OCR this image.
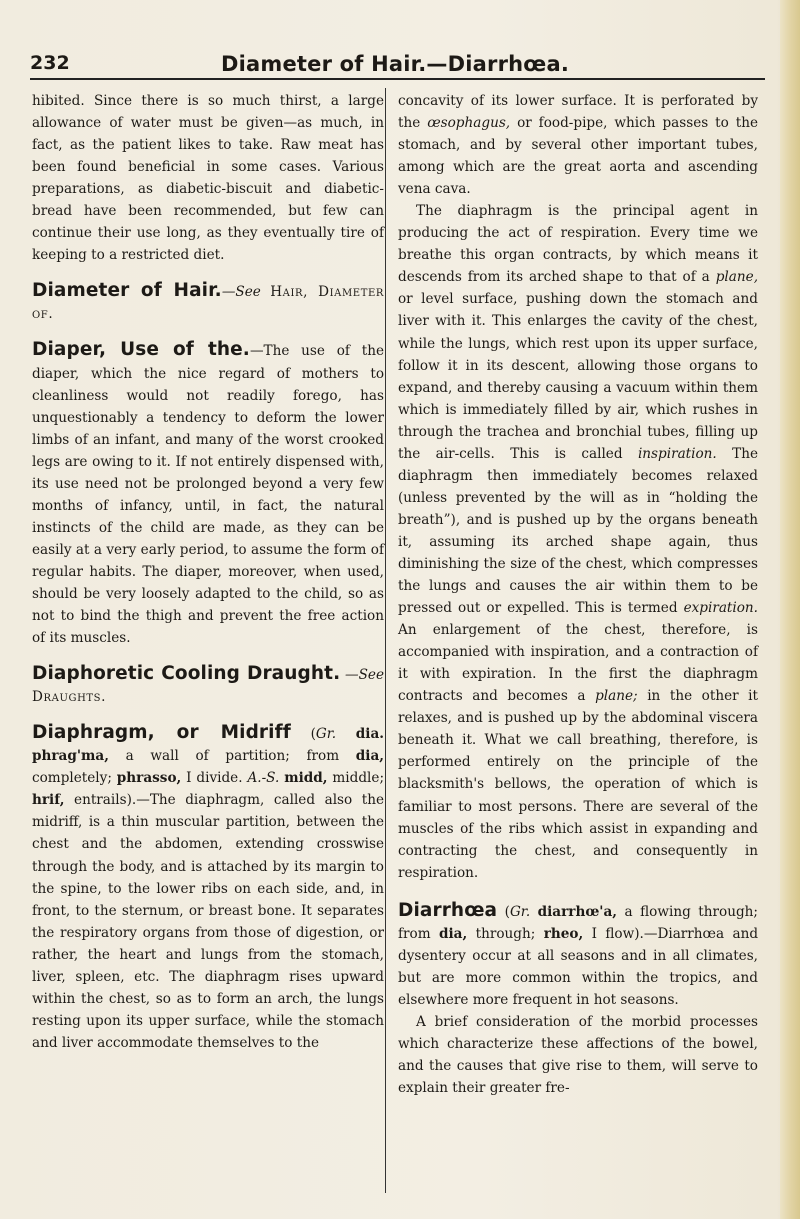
232	Diameter of Hair.—Diarrhœa.

hibited. Since there is so much thirst, a large allowance of water must be given—as much, in fact, as the patient likes to take. Raw meat has been found beneficial in some cases. Various preparations, as diabetic-biscuit and diabetic-bread have been recommended, but few can continue their use long, as they eventually tire of keeping to a restricted diet.

Diameter of Hair.—See Hair, Diameter of.

Diaper, Use of the.—The use of the diaper, which the nice regard of mothers to cleanliness would not readily forego, has unquestionably a tendency to deform the lower limbs of an infant, and many of the worst crooked legs are owing to it. If not entirely dispensed with, its use need not be prolonged beyond a very few months of infancy, until, in fact, the natural instincts of the child are made, as they can be easily at a very early period, to assume the form of regular habits. The diaper, moreover, when used, should be very loosely adapted to the child, so as not to bind the thigh and prevent the free action of its muscles.

Diaphoretic Cooling Draught. —See Draughts.

Diaphragm, or Midriff (Gr. dia. phrag'ma, a wall of partition; from dia, completely; phrasso, I divide. A.-S. midd, middle; hrif, entrails).—The diaphragm, called also the midriff, is a thin muscular partition, between the chest and the abdomen, extending crosswise through the body, and is attached by its margin to the spine, to the lower ribs on each side, and, in front, to the sternum, or breast bone. It separates the respiratory organs from those of digestion, or rather, the heart and lungs from the stomach, liver, spleen, etc. The diaphragm rises upward within the chest, so as to form an arch, the lungs resting upon its upper surface, while the stomach and liver accommodate themselves to the

concavity of its lower surface. It is perforated by the œsophagus, or food-pipe, which passes to the stomach, and by several other important tubes, among which are the great aorta and ascending vena cava.

The diaphragm is the principal agent in producing the act of respiration. Every time we breathe this organ contracts, by which means it descends from its arched shape to that of a plane, or level surface, pushing down the stomach and liver with it. This enlarges the cavity of the chest, while the lungs, which rest upon its upper surface, follow it in its descent, allowing those organs to expand, and thereby causing a vacuum within them which is immediately filled by air, which rushes in through the trachea and bronchial tubes, filling up the air-cells. This is called inspiration. The diaphragm then immediately becomes relaxed (unless prevented by the will as in “holding the breath”), and is pushed up by the organs beneath it, assuming its arched shape again, thus diminishing the size of the chest, which compresses the lungs and causes the air within them to be pressed out or expelled. This is termed expiration. An enlargement of the chest, therefore, is accompanied with inspiration, and a contraction of it with expiration. In the first the diaphragm contracts and becomes a plane; in the other it relaxes, and is pushed up by the abdominal viscera beneath it. What we call breathing, therefore, is performed entirely on the principle of the blacksmith's bellows, the operation of which is familiar to most persons. There are several of the muscles of the ribs which assist in expanding and contracting the chest, and consequently in respiration.

Diarrhœa (Gr. diarrhœ'a, a flowing through; from dia, through; rheo, I flow).—Diarrhœa and dysentery occur at all seasons and in all climates, but are more common within the tropics, and elsewhere more frequent in hot seasons.

A brief consideration of the morbid processes which characterize these affections of the bowel, and the causes that give rise to them, will serve to explain their greater fre-
